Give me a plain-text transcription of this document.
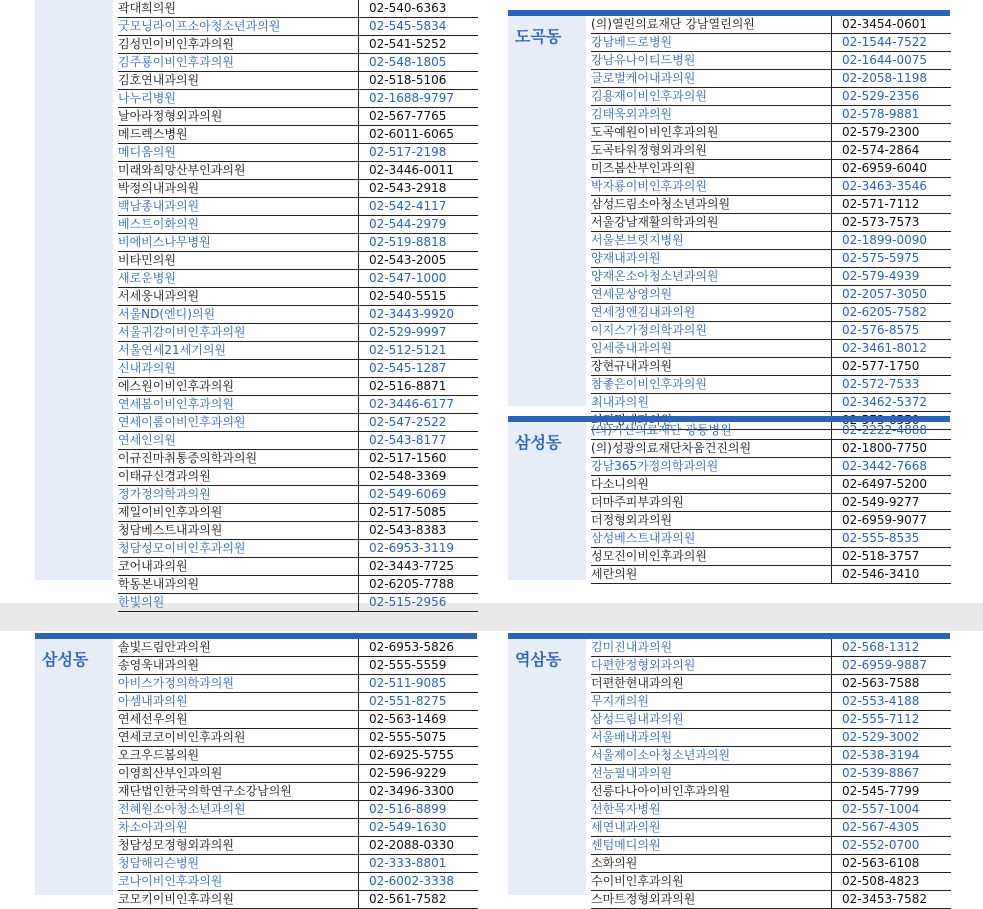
곽대희의원	02-540-6363
굿모닝라이프소아청소년과의원	02-545-5834
김성민이비인후과의원	02-541-5252
김주룡이비인후과의원	02-548-1805
김호연내과의원	02-518-5106
나누리병원	02-1688-9797
날아라정형외과의원	02-567-7765
메드렉스병원	02-6011-6065
메디움의원	02-517-2198
미래와희망산부인과의원	02-3446-0011
박정의내과의원	02-543-2918
백남종내과의원	02-542-4117
베스트이화의원	02-544-2979
비에비스나무병원	02-519-8818
비타민의원	02-543-2005
새로운병원	02-547-1000
서세웅내과의원	02-540-5515
서울ND(엔디)의원	02-3443-9920
서울귀감이비인후과의원	02-529-9997
서울연세21세기의원	02-512-5121
신내과의원	02-545-1287
에스원이비인후과의원	02-516-8871
연세봄이비인후과의원	02-3446-6177
연세이롬이비인후과의원	02-547-2522
연세인의원	02-543-8177
이규진마취통증의학과의원	02-517-1560
이태규신경과의원	02-548-3369
정가정의학과의원	02-549-6069
제일이비인후과의원	02-517-5085
청담베스트내과의원	02-543-8383
청담성모이비인후과의원	02-6953-3119
코어내과의원	02-3443-7725
학동본내과의원	02-6205-7788
한빛의원	02-515-2956
도곡동
(의)열린의료재단 강남열린의원	02-3454-0601
강남베드로병원	02-1544-7522
강남유나이티드병원	02-1644-0075
글로벌케어내과의원	02-2058-1198
김용재이비인후과의원	02-529-2356
김태욱외과의원	02-578-9881
도곡예원이비인후과의원	02-579-2300
도곡타워정형외과의원	02-574-2864
미즈봄산부인과의원	02-6959-6040
박자룡이비인후과의원	02-3463-3546
삼성드림소아청소년과의원	02-571-7112
서울강남재활의학과의원	02-573-7573
서울본브릿지병원	02-1899-0090
양재내과의원	02-575-5975
양재온소아청소년과의원	02-579-4939
연세문상영의원	02-2057-3050
연세정앤김내과의원	02-6205-7582
이지스가정의학과의원	02-576-8575
임세중내과의원	02-3461-8012
장현규내과의원	02-577-1750
참좋은이비인후과의원	02-572-7533
최내과의원	02-3462-5372
삼성동
(의)가산의료재단 광동병원	02-2222-4888
(의)성광의료재단차움건진의원	02-1800-7750
강남365가정의학과의원	02-3442-7668
다소니의원	02-6497-5200
더마주피부과의원	02-549-9277
더정형외과의원	02-6959-9077
삼성베스트내과의원	02-555-8535
성모진이비인후과의원	02-518-3757
세란의원	02-546-3410
삼성동
솔빛드림안과의원	02-6953-5826
송영욱내과의원	02-555-5559
아비스가정의학과의원	02-511-9085
아셈내과의원	02-551-8275
연세선우의원	02-563-1469
연세코코이비인후과의원	02-555-5075
오크우드봄의원	02-6925-5755
이영희산부인과의원	02-596-9229
재단법인한국의학연구소강남의원	02-3496-3300
전혜원소아청소년과의원	02-516-8899
차소아과의원	02-549-1630
청담성모정형외과의원	02-2088-0330
청담해리슨병원	02-333-8801
코나이비인후과의원	02-6002-3338
코모키이비인후과의원	02-561-7582
역삼동
김미진내과의원	02-568-1312
다편한정형외과의원	02-6959-9887
더편한현내과의원	02-563-7588
무지개의원	02-553-4188
삼성드림내과의원	02-555-7112
서울배내과의원	02-529-3002
서울제이소아청소년과의원	02-538-3194
선능필내과의원	02-539-8867
선릉다나아이비인후과의원	02-545-7799
선한목자병원	02-557-1004
세연내과의원	02-567-4305
센텀메디의원	02-552-0700
소화의원	02-563-6108
수이비인후과의원	02-508-4823
스마트정형외과의원	02-3453-7582
